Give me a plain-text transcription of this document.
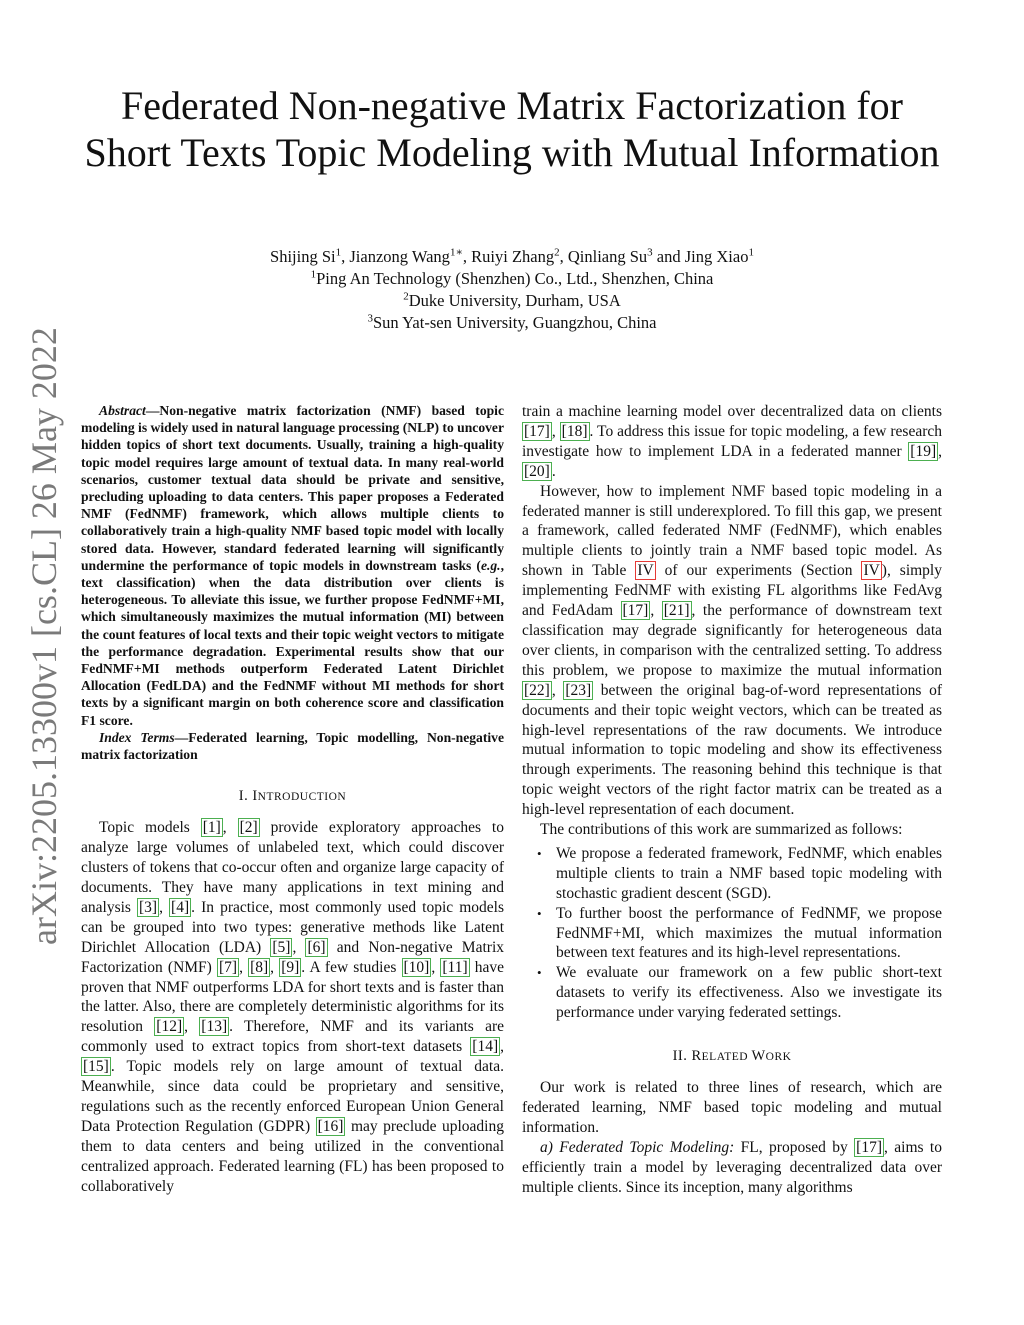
arXiv:2205.13300v1 [cs.CL] 26 May 2022
Federated Non-negative Matrix Factorization for Short Texts Topic Modeling with Mutual Information
Shijing Si$^1$, Jianzong Wang$^{1∗}$, Ruiyi Zhang$^2$, Qinliang Su$^3$ and Jing Xiao$^1$
$^1$Ping An Technology (Shenzhen) Co., Ltd., Shenzhen, China
$^2$Duke University, Durham, USA
$^3$Sun Yat-sen University, Guangzhou, China

Abstract—Non-negative matrix factorization (NMF) based topic modeling is widely used in natural language processing (NLP) to uncover hidden topics of short text documents. Usually, training a high-quality topic model requires large amount of textual data. In many real-world scenarios, customer textual data should be private and sensitive, precluding uploading to data centers. This paper proposes a Federated NMF (FedNMF) framework, which allows multiple clients to collaboratively train a high-quality NMF based topic model with locally stored data. However, standard federated learning will significantly undermine the performance of topic models in downstream tasks (e.g., text classification) when the data distribution over clients is heterogeneous. To alleviate this issue, we further propose FedNMF+MI, which simultaneously maximizes the mutual information (MI) between the count features of local texts and their topic weight vectors to mitigate the performance degradation. Experimental results show that our FedNMF+MI methods outperform Federated Latent Dirichlet Allocation (FedLDA) and the FedNMF without MI methods for short texts by a significant margin on both coherence score and classification F1 score.

Index Terms—Federated learning, Topic modelling, Non-negative matrix factorization

I. INTRODUCTION

Topic models [1] , [2] provide exploratory approaches to analyze large volumes of unlabeled text, which could discover clusters of tokens that co-occur often and organize large capacity of documents. They have many applications in text mining and analysis [3] , [4] . In practice, most commonly used topic models can be grouped into two types: generative methods like Latent Dirichlet Allocation (LDA) [5] , [6] and Non-negative Matrix Factorization (NMF) [7] , [8] , [9] . A few studies [10] , [11] have proven that NMF outperforms LDA for short texts and is faster than the latter. Also, there are completely deterministic algorithms for its resolution [12] , [13] . Therefore, NMF and its variants are commonly used to extract topics from short-text datasets [14] , [15] . Topic models rely on large amount of textual data. Meanwhile, since data could be proprietary and sensitive, regulations such as the recently enforced European Union General Data Protection Regulation (GDPR) [16] may preclude uploading them to data centers and being utilized in the conventional centralized approach. Federated learning (FL) has been proposed to collaboratively

train a machine learning model over decentralized data on clients [17] , [18] . To address this issue for topic modeling, a few research investigate how to implement LDA in a federated manner [19] , [20] .

However, how to implement NMF based topic modeling in a federated manner is still underexplored. To fill this gap, we present a framework, called federated NMF (FedNMF), which enables multiple clients to jointly train a NMF based topic model. As shown in Table IV of our experiments (Section IV ), simply implementing FedNMF with existing FL algorithms like FedAvg and FedAdam [17] , [21] , the performance of downstream text classification may degrade significantly for heterogeneous data over clients, in comparison with the centralized setting. To address this problem, we propose to maximize the mutual information [22] , [23] between the original bag-of-word representations of documents and their topic weight vectors, which can be treated as high-level representations of the raw documents. We introduce mutual information to topic modeling and show its effectiveness through experiments. The reasoning behind this technique is that topic weight vectors of the right factor matrix can be treated as a high-level representation of each document.

The contributions of this work are summarized as follows:

• We propose a federated framework, FedNMF, which enables multiple clients to train a NMF based topic modeling with stochastic gradient descent (SGD).
• To further boost the performance of FedNMF, we propose FedNMF+MI, which maximizes the mutual information between text features and its high-level representations.
• We evaluate our framework on a few public short-text datasets to verify its effectiveness. Also we investigate its performance under varying federated settings.
II. RELATED WORK

Our work is related to three lines of research, which are federated learning, NMF based topic modeling and mutual information.

a) Federated Topic Modeling: FL, proposed by [17] , aims to efficiently train a model by leveraging decentralized data over multiple clients. Since its inception, many algorithms
